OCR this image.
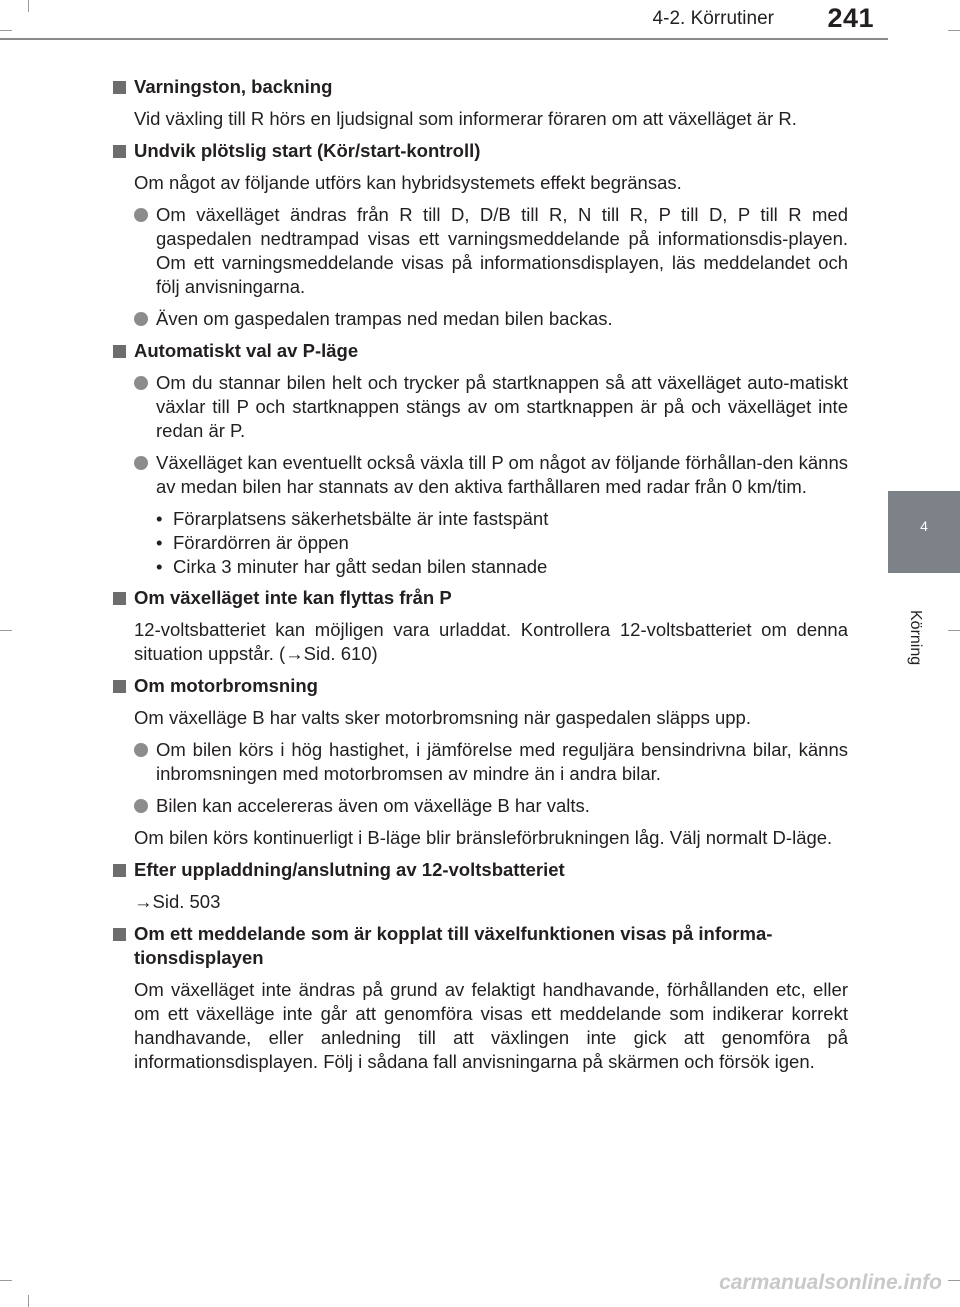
4-2. Körrutiner 241
4
Körning
Varningston, backning
Vid växling till R hörs en ljudsignal som informerar föraren om att växelläget är R.
Undvik plötslig start (Kör/start-kontroll)
Om något av följande utförs kan hybridsystemets effekt begränsas.
Om växelläget ändras från R till D, D/B till R, N till R, P till D, P till R med gaspedalen nedtrampad visas ett varningsmeddelande på informationsdis-playen. Om ett varningsmeddelande visas på informationsdisplayen, läs meddelandet och följ anvisningarna.
Även om gaspedalen trampas ned medan bilen backas.
Automatiskt val av P-läge
Om du stannar bilen helt och trycker på startknappen så att växelläget auto-matiskt växlar till P och startknappen stängs av om startknappen är på och växelläget inte redan är P.
Växelläget kan eventuellt också växla till P om något av följande förhållan-den känns av medan bilen har stannats av den aktiva farthållaren med radar från 0 km/tim.
• Förarplatsens säkerhetsbälte är inte fastspänt
• Förardörren är öppen
• Cirka 3 minuter har gått sedan bilen stannade
Om växelläget inte kan flyttas från P
12-voltsbatteriet kan möjligen vara urladdat. Kontrollera 12-voltsbatteriet om denna situation uppstår. (→Sid. 610)
Om motorbromsning
Om växelläge B har valts sker motorbromsning när gaspedalen släpps upp.
Om bilen körs i hög hastighet, i jämförelse med reguljära bensindrivna bilar, känns inbromsningen med motorbromsen av mindre än i andra bilar.
Bilen kan accelereras även om växelläge B har valts.
Om bilen körs kontinuerligt i B-läge blir bränsleförbrukningen låg. Välj normalt D-läge.
Efter uppladdning/anslutning av 12-voltsbatteriet
→Sid. 503
Om ett meddelande som är kopplat till växelfunktionen visas på informa-tionsdisplayen
Om växelläget inte ändras på grund av felaktigt handhavande, förhållanden etc, eller om ett växelläge inte går att genomföra visas ett meddelande som indikerar korrekt handhavande, eller anledning till att växlingen inte gick att genomföra på informationsdisplayen. Följ i sådana fall anvisningarna på skärmen och försök igen.
carmanualsonline.info
